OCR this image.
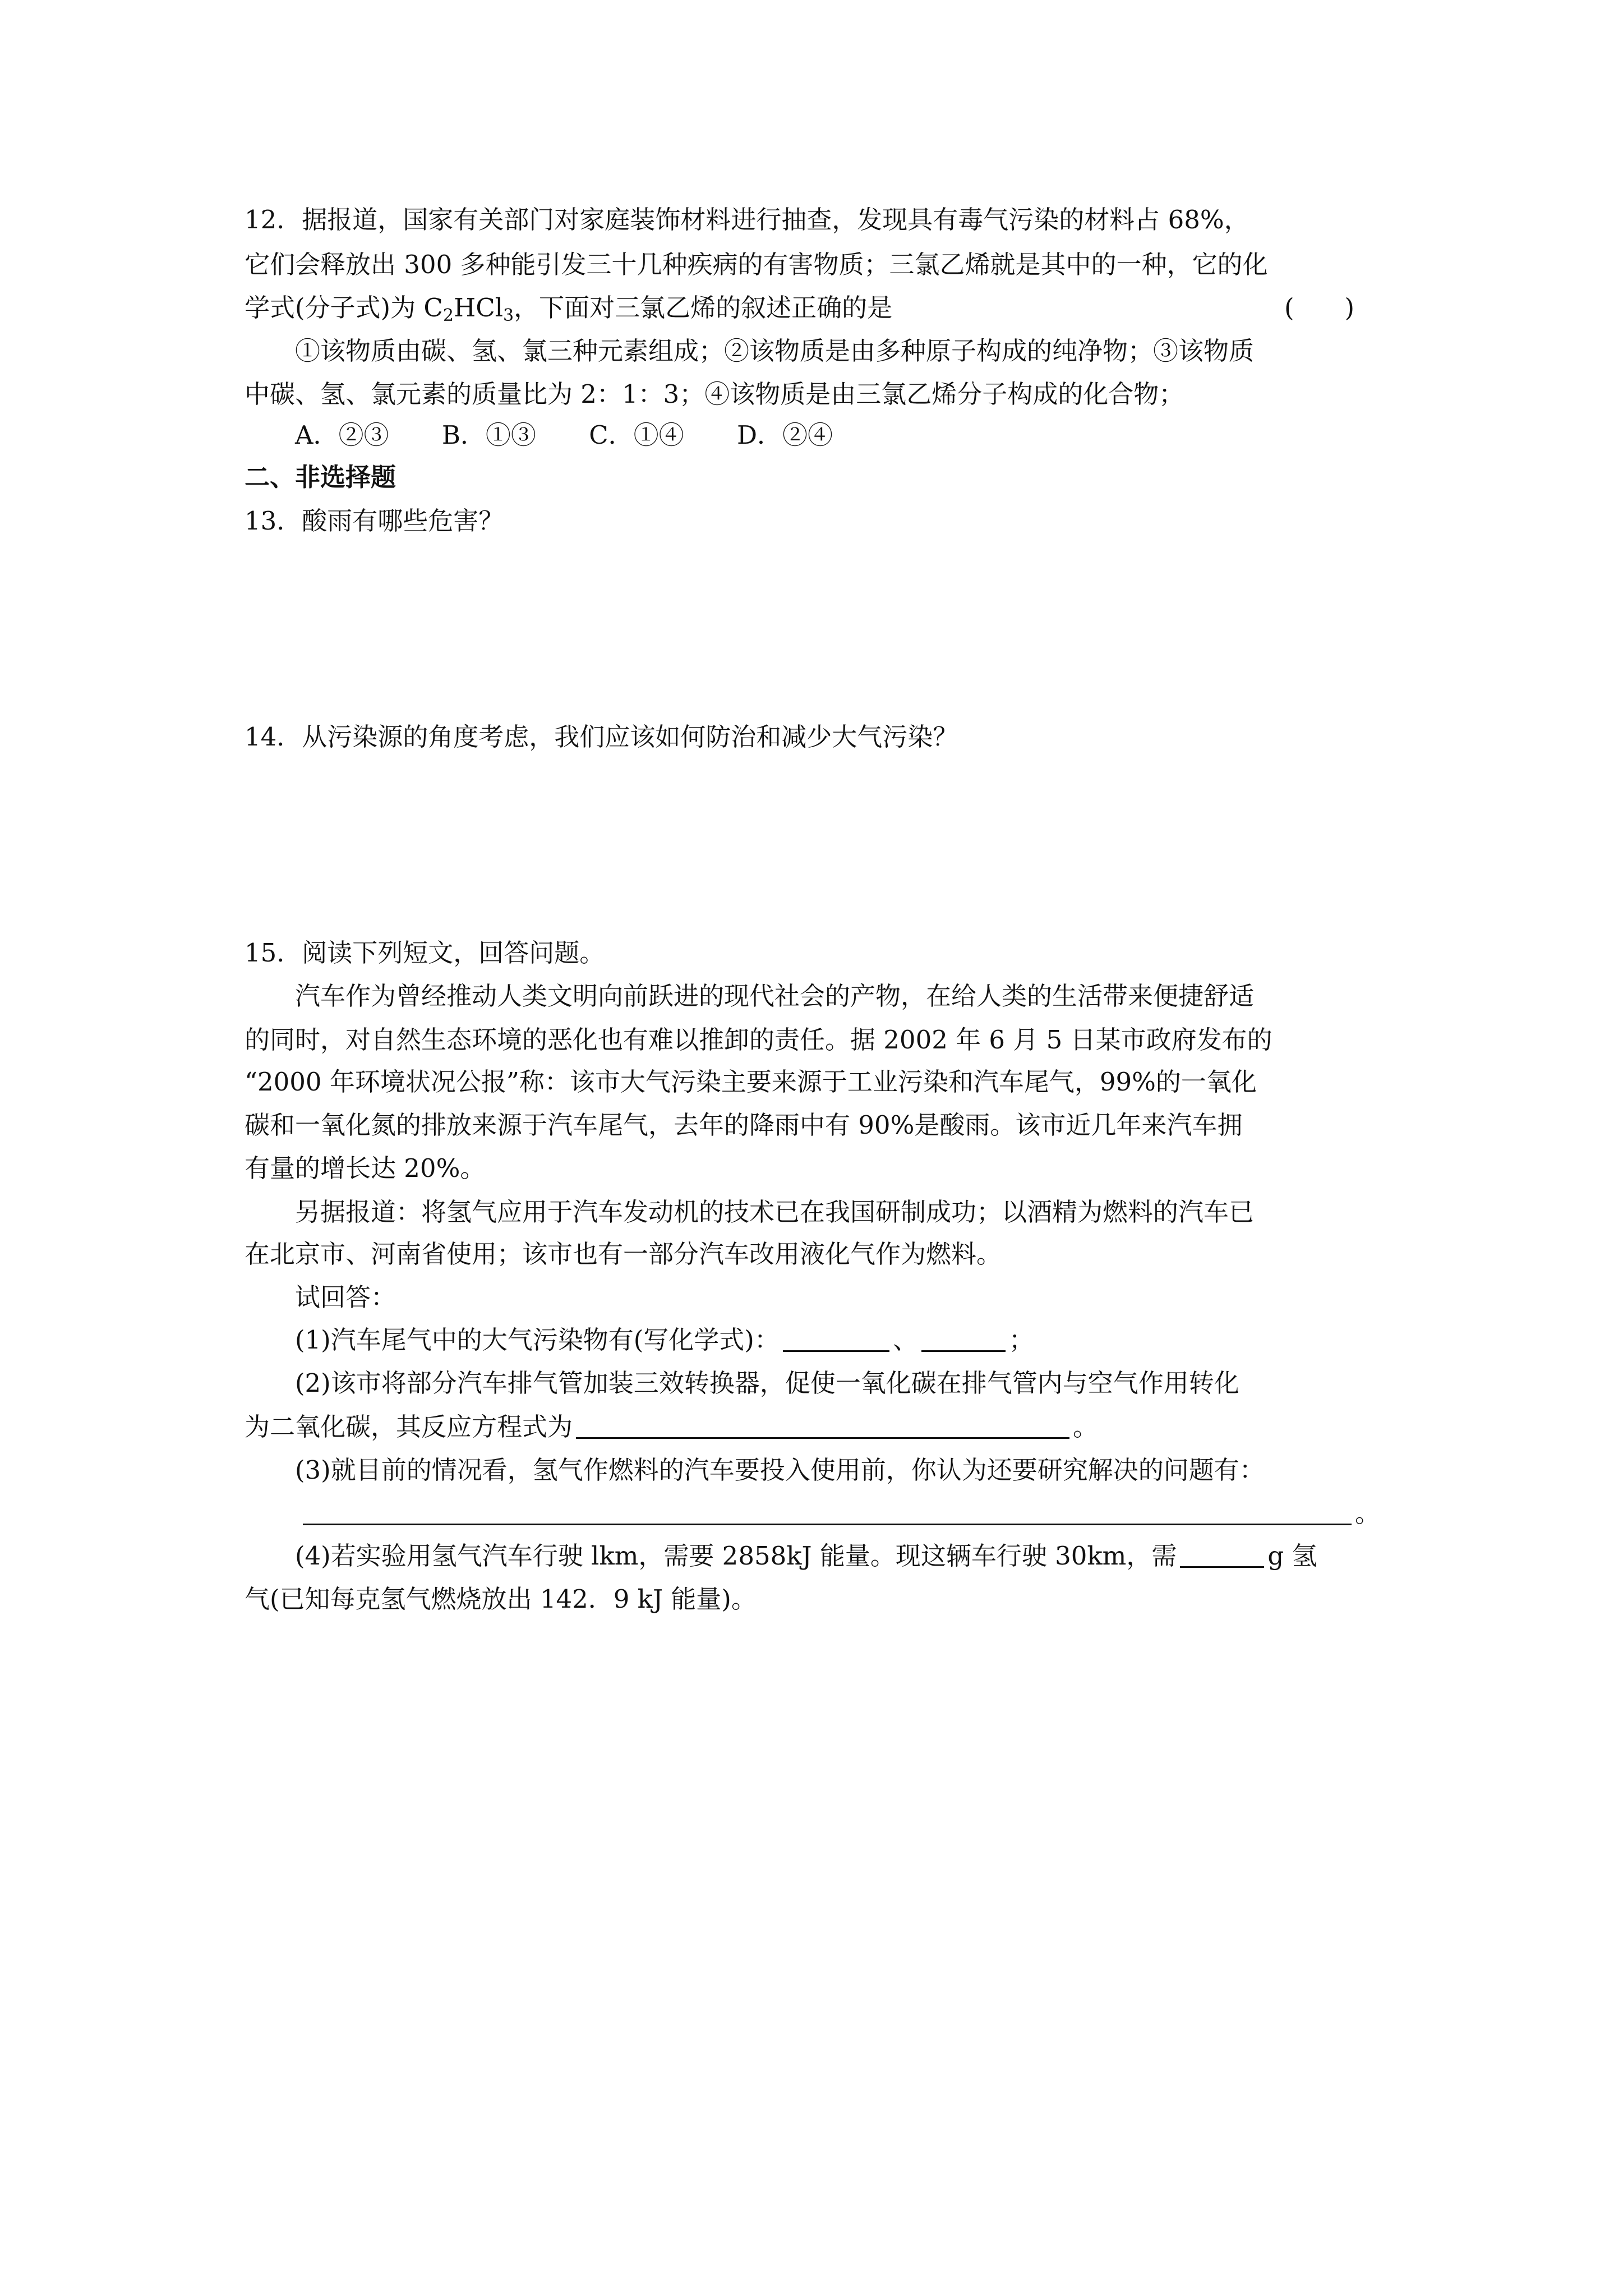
12．据报道，国家有关部门对家庭装饰材料进行抽查，发现具有毒气污染的材料占 68%，
它们会释放出 300 多种能引发三十几种疾病的有害物质；三氯乙烯就是其中的一种，它的化
学式(分子式)为 $C_2HCl_3$，下面对三氯乙烯的叙述正确的是	(　　)
①该物质由碳、氢、氯三种元素组成；②该物质是由多种原子构成的纯净物；③该物质
中碳、氢、氯元素的质量比为 2：1：3；④该物质是由三氯乙烯分子构成的化合物；
A．②③ B．①③ C．①④ D．②④
二、非选择题
13．酸雨有哪些危害？
14．从污染源的角度考虑，我们应该如何防治和减少大气污染？
15．阅读下列短文，回答问题。
汽车作为曾经推动人类文明向前跃进的现代社会的产物，在给人类的生活带来便捷舒适
的同时，对自然生态环境的恶化也有难以推卸的责任。据 2002 年 6 月 5 日某市政府发布的
“2000 年环境状况公报”称：该市大气污染主要来源于工业污染和汽车尾气，99%的一氧化
碳和一氧化氮的排放来源于汽车尾气，去年的降雨中有 90%是酸雨。该市近几年来汽车拥
有量的增长达 20%。
另据报道：将氢气应用于汽车发动机的技术已在我国研制成功；以酒精为燃料的汽车已
在北京市、河南省使用；该市也有一部分汽车改用液化气作为燃料。
试回答：
(1)汽车尾气中的大气污染物有(写化学式)：	、	；
(2)该市将部分汽车排气管加装三效转换器，促使一氧化碳在排气管内与空气作用转化
为二氧化碳，其反应方程式为	。
(3)就目前的情况看，氢气作燃料的汽车要投入使用前，你认为还要研究解决的问题有：
。
(4)若实验用氢气汽车行驶 lkm，需要 2858kJ 能量。现这辆车行驶 30km，需	g 氢
气(已知每克氢气燃烧放出 142．9 kJ 能量)。
